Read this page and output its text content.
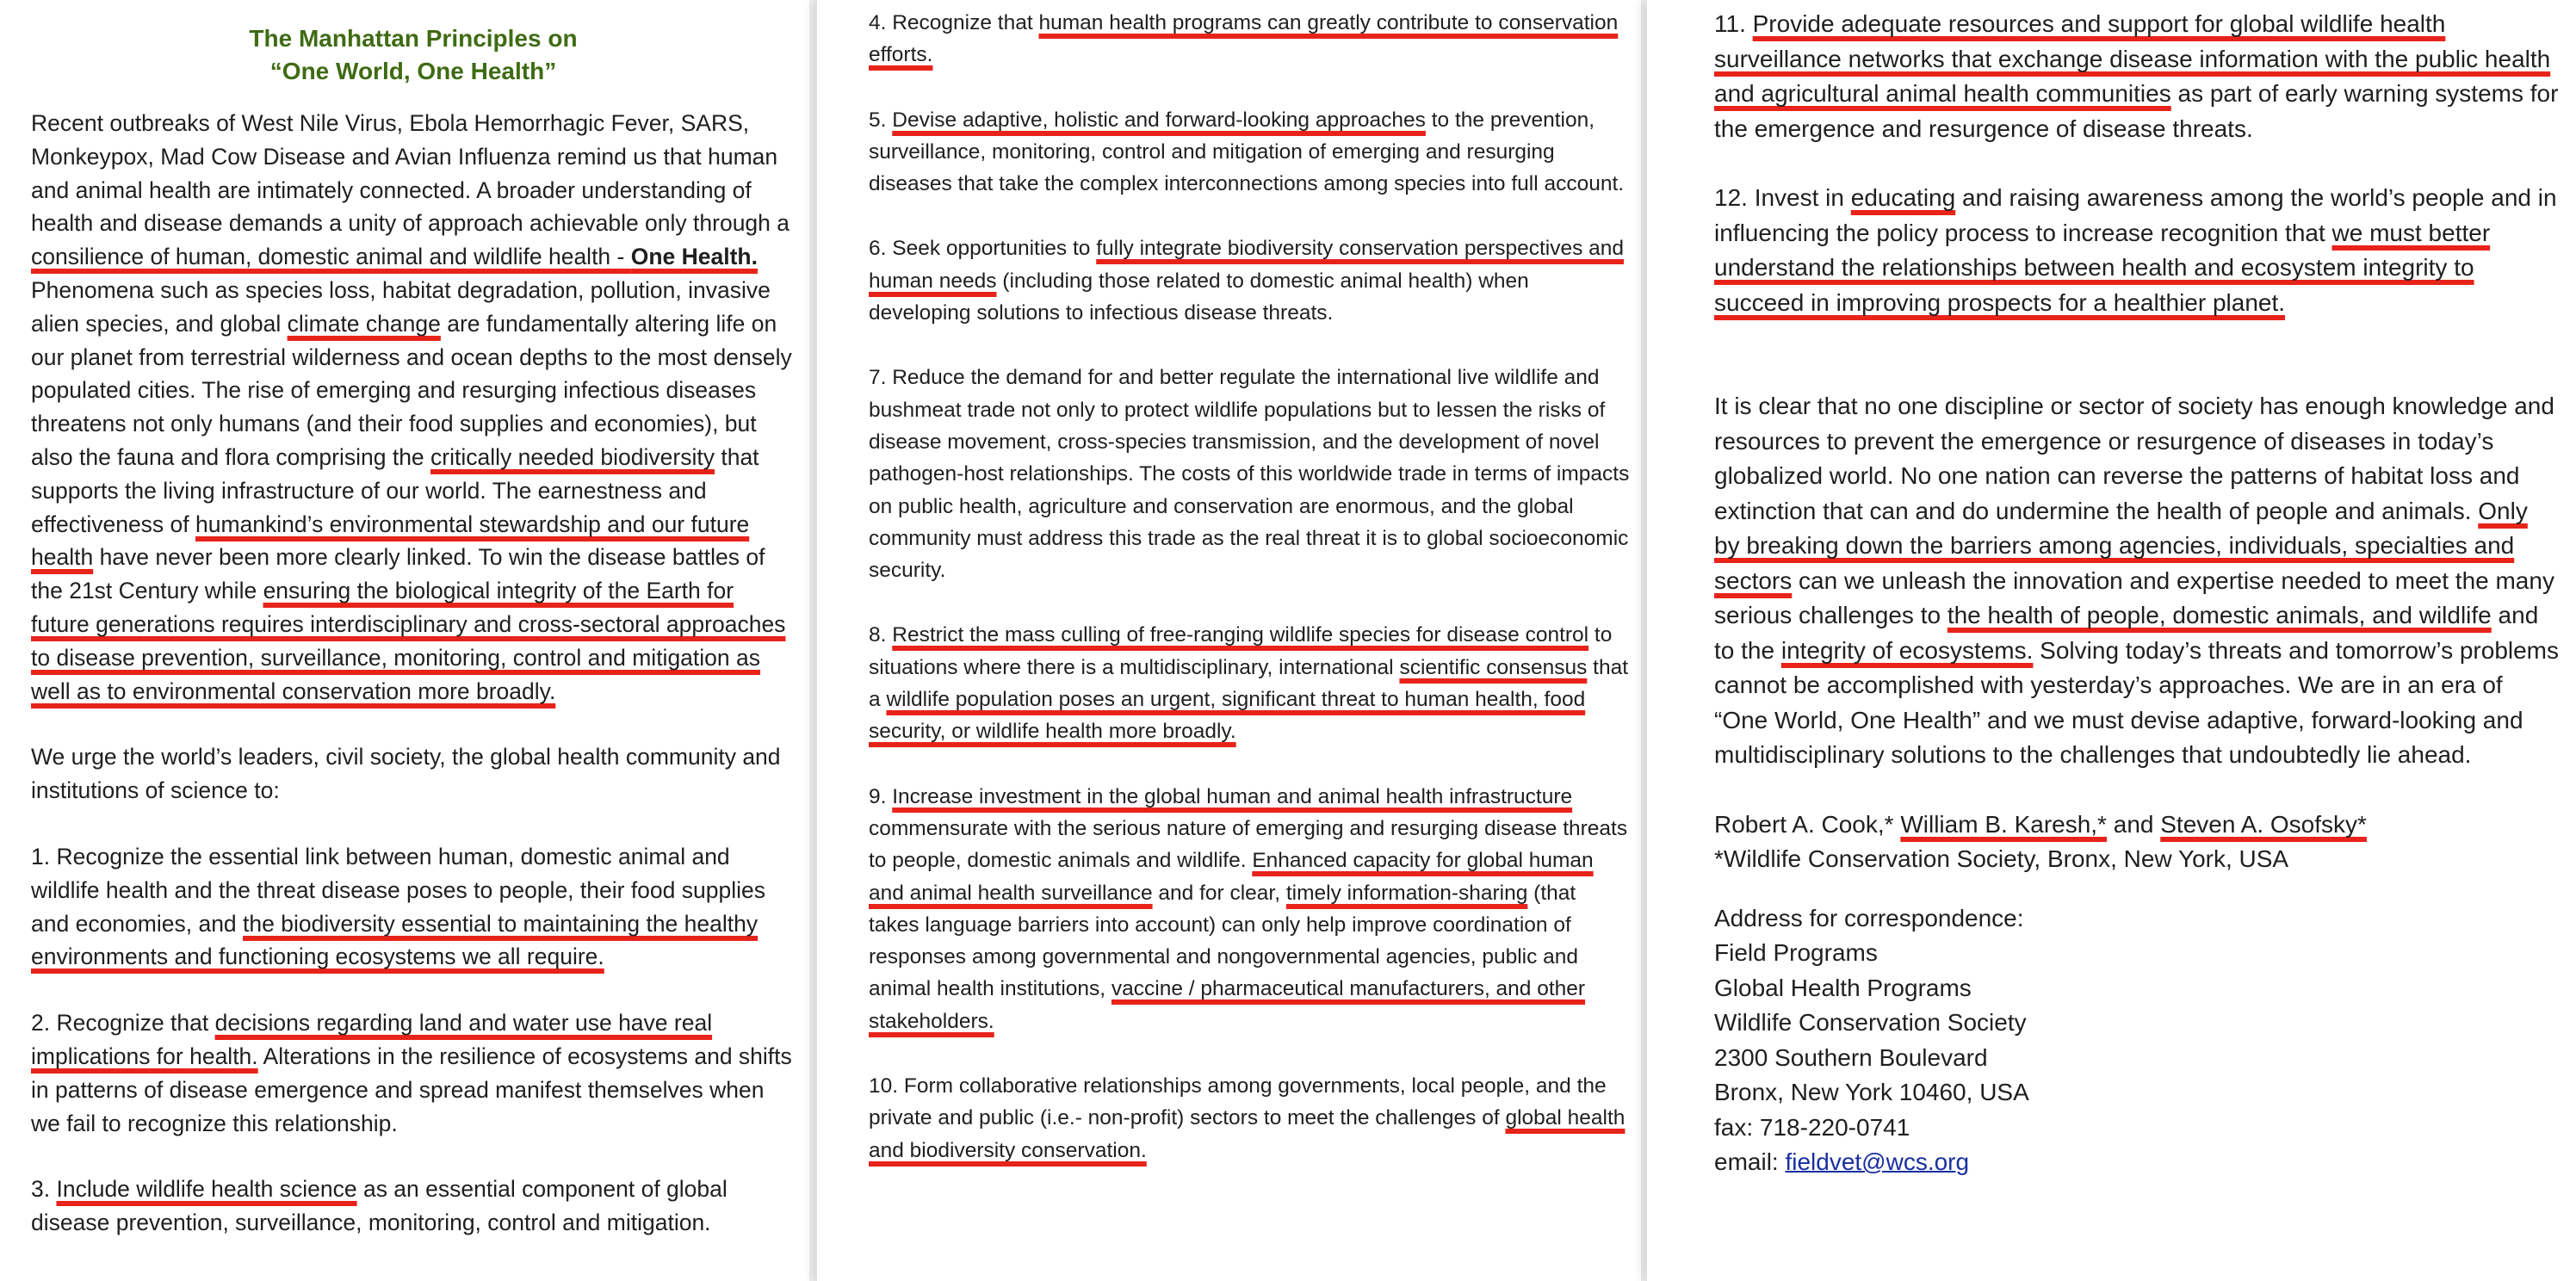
The Manhattan Principles on
“One World, One Health”

Recent outbreaks of West Nile Virus, Ebola Hemorrhagic Fever, SARS, Monkeypox, Mad Cow Disease and Avian Influenza remind us that human and animal health are intimately connected. A broader understanding of health and disease demands a unity of approach achievable only through a consilience of human, domestic animal and wildlife health - One Health. Phenomena such as species loss, habitat degradation, pollution, invasive alien species, and global climate change are fundamentally altering life on our planet from terrestrial wilderness and ocean depths to the most densely populated cities. The rise of emerging and resurging infectious diseases threatens not only humans (and their food supplies and economies), but also the fauna and flora comprising the critically needed biodiversity that supports the living infrastructure of our world. The earnestness and effectiveness of humankind’s environmental stewardship and our future health have never been more clearly linked. To win the disease battles of the 21st Century while ensuring the biological integrity of the Earth for future generations requires interdisciplinary and cross-sectoral approaches to disease prevention, surveillance, monitoring, control and mitigation as well as to environmental conservation more broadly.

We urge the world’s leaders, civil society, the global health community and institutions of science to:

1. Recognize the essential link between human, domestic animal and wildlife health and the threat disease poses to people, their food supplies and economies, and the biodiversity essential to maintaining the healthy environments and functioning ecosystems we all require.

2. Recognize that decisions regarding land and water use have real implications for health. Alterations in the resilience of ecosystems and shifts in patterns of disease emergence and spread manifest themselves when we fail to recognize this relationship.

3. Include wildlife health science as an essential component of global disease prevention, surveillance, monitoring, control and mitigation.

4. Recognize that human health programs can greatly contribute to conservation efforts.

5. Devise adaptive, holistic and forward-looking approaches to the prevention, surveillance, monitoring, control and mitigation of emerging and resurging diseases that take the complex interconnections among species into full account.

6. Seek opportunities to fully integrate biodiversity conservation perspectives and human needs (including those related to domestic animal health) when developing solutions to infectious disease threats.

7. Reduce the demand for and better regulate the international live wildlife and bushmeat trade not only to protect wildlife populations but to lessen the risks of disease movement, cross-species transmission, and the development of novel pathogen-host relationships. The costs of this worldwide trade in terms of impacts on public health, agriculture and conservation are enormous, and the global community must address this trade as the real threat it is to global socioeconomic security.

8. Restrict the mass culling of free-ranging wildlife species for disease control to situations where there is a multidisciplinary, international scientific consensus that a wildlife population poses an urgent, significant threat to human health, food security, or wildlife health more broadly.

9. Increase investment in the global human and animal health infrastructure commensurate with the serious nature of emerging and resurging disease threats to people, domestic animals and wildlife. Enhanced capacity for global human and animal health surveillance and for clear, timely information-sharing (that takes language barriers into account) can only help improve coordination of responses among governmental and nongovernmental agencies, public and animal health institutions, vaccine / pharmaceutical manufacturers, and other stakeholders.

10. Form collaborative relationships among governments, local people, and the private and public (i.e.- non-profit) sectors to meet the challenges of global health and biodiversity conservation.

11. Provide adequate resources and support for global wildlife health surveillance networks that exchange disease information with the public health and agricultural animal health communities as part of early warning systems for the emergence and resurgence of disease threats.

12. Invest in educating and raising awareness among the world’s people and in influencing the policy process to increase recognition that we must better understand the relationships between health and ecosystem integrity to succeed in improving prospects for a healthier planet.

It is clear that no one discipline or sector of society has enough knowledge and resources to prevent the emergence or resurgence of diseases in today’s globalized world. No one nation can reverse the patterns of habitat loss and extinction that can and do undermine the health of people and animals. Only by breaking down the barriers among agencies, individuals, specialties and sectors can we unleash the innovation and expertise needed to meet the many serious challenges to the health of people, domestic animals, and wildlife and to the integrity of ecosystems. Solving today’s threats and tomorrow’s problems cannot be accomplished with yesterday’s approaches. We are in an era of “One World, One Health” and we must devise adaptive, forward-looking and multidisciplinary solutions to the challenges that undoubtedly lie ahead.

Robert A. Cook,* William B. Karesh,* and Steven A. Osofsky*

*Wildlife Conservation Society, Bronx, New York, USA

Address for correspondence:

Field Programs

Global Health Programs

Wildlife Conservation Society

2300 Southern Boulevard

Bronx, New York 10460, USA

fax: 718-220-0741

email: fieldvet@wcs.org
